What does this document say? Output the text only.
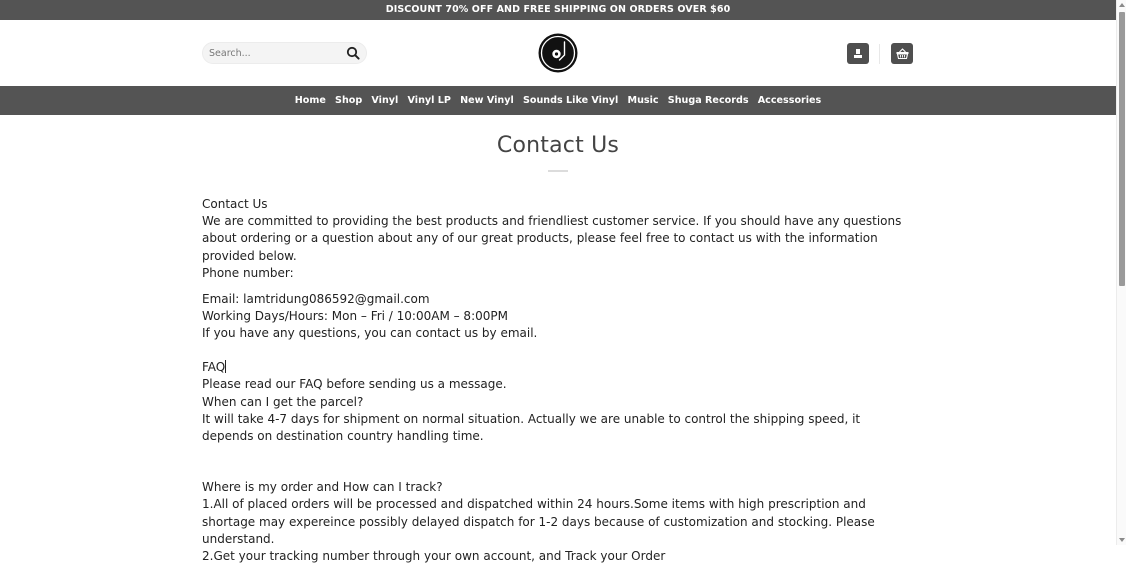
DISCOUNT 70% OFF AND FREE SHIPPING ON ORDERS OVER $60
Search...
Home Shop Vinyl Vinyl LP New Vinyl Sounds Like Vinyl Music Shuga Records Accessories
Contact Us

Contact Us

We are committed to providing the best products and friendliest customer service. If you should have any questions about ordering or a question about any of our great products, please feel free to contact us with the information provided below.

Phone number:

Email: lamtridung086592@gmail.com

Working Days/Hours: Mon – Fri / 10:00AM – 8:00PM

If you have any questions, you can contact us by email.

FAQ

Please read our FAQ before sending us a message.

When can I get the parcel?

It will take 4-7 days for shipment on normal situation. Actually we are unable to control the shipping speed, it depends on destination country handling time.

Where is my order and How can I track?

1.All of placed orders will be processed and dispatched within 24 hours.Some items with high prescription and shortage may expereince possibly delayed dispatch for 1-2 days because of customization and stocking. Please understand.

2.Get your tracking number through your own account, and Track your Order
